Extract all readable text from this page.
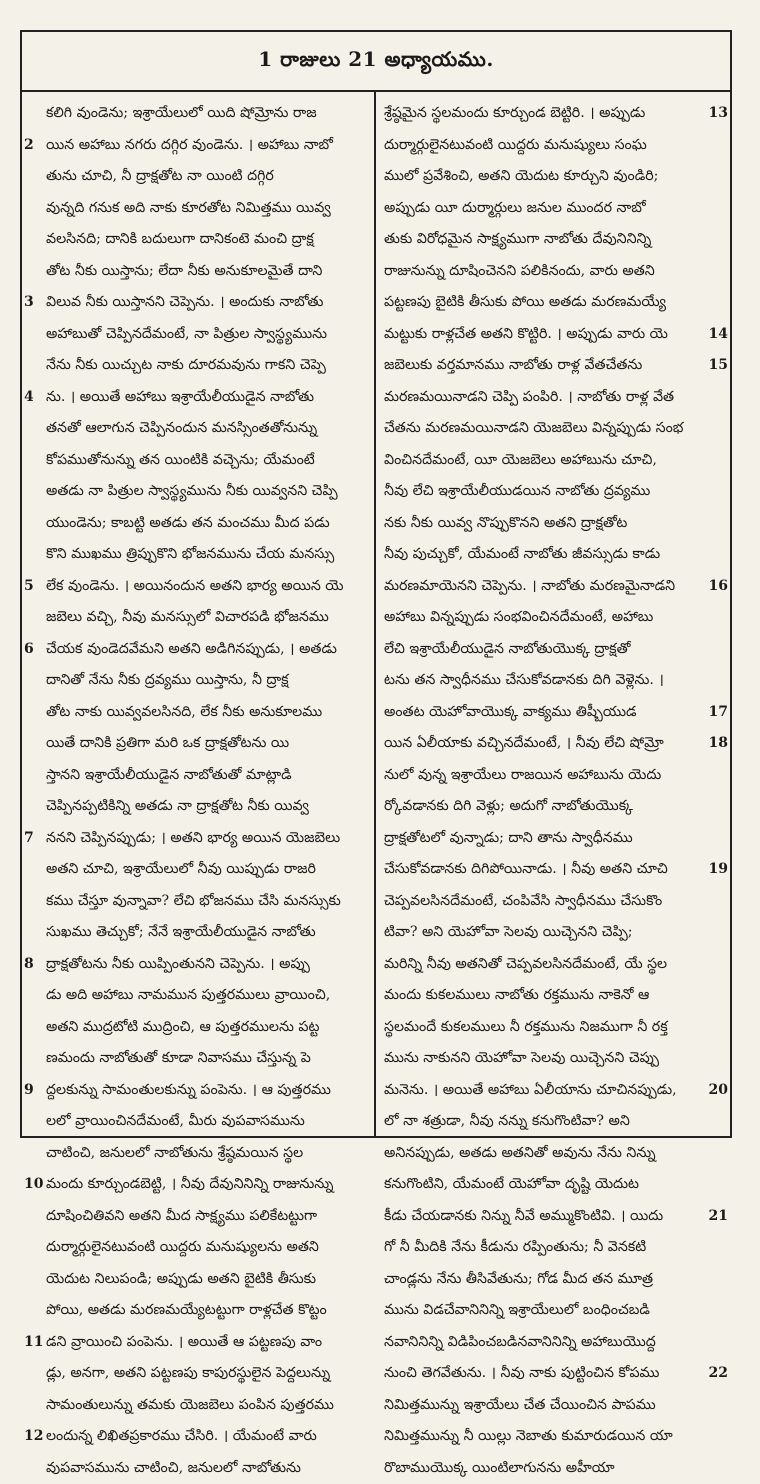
1 రాజులు 21 అధ్యాయము.
కలిగి వుండెను; ఇశ్రాయేలులో యిది షోమ్రోను రాజ
2 యిన అహాబు నగరు దగ్గిర వుండెను. । అహాబు నాబో
తును చూచి, నీ ద్రాక్షతోట నా యింటి దగ్గిర
వున్నది గనుక అది నాకు కూరతోట నిమిత్తము యివ్వ
వలసినది; దానికి బదులుగా దానికంటె మంచి ద్రాక్ష
తోట నీకు యిస్తాను; లేదా నీకు అనుకూలమైతే దాని
3 విలువ నీకు యిస్తానని చెప్పెను. । అందుకు నాబోతు
అహాబుతో చెప్పినదేమంటే, నా పిత్రుల స్వాస్థ్యమును
నేను నీకు యిచ్చుట నాకు దూరమవును గాకని చెప్పె
4 ను. । అయితే అహాబు ఇశ్రాయేలీయుడైన నాబోతు
తనతో ఆలాగున చెప్పినందున మనస్సింతతోనున్ను
కోపముతోనున్ను తన యింటికి వచ్చెను; యేమంటే
అతడు నా పిత్రుల స్వాస్థ్యమును నీకు యివ్వనని చెప్పి
యుండెను; కాబట్టి అతడు తన మంచము మీద పడు
కొని ముఖము త్రిప్పుకొని భోజనమును చేయ మనస్సు
5 లేక వుండెను. । అయినందున అతని భార్య అయిన యె
జబెలు వచ్చి, నీవు మనస్సులో విచారపడి భోజనము
6 చేయక వుండెదవేమని అతని అడిగినప్పుడు, । అతడు
దానితో నేను నీకు ద్రవ్యము యిస్తాను, నీ ద్రాక్ష
తోట నాకు యివ్వవలసినది, లేక నీకు అనుకూలము
యితే దానికి ప్రతిగా మరి ఒక ద్రాక్షతోటను యి
స్తానని ఇశ్రాయేలీయుడైన నాబోతుతో మాట్లాడి
చెప్పినప్పటికిన్ని అతడు నా ద్రాక్షతోట నీకు యివ్వ
7 ననని చెప్పినప్పుడు; । అతని భార్య అయిన యెజబెలు
అతని చూచి, ఇశ్రాయేలులో నీవు యిప్పుడు రాజరి
కము చేస్తూ వున్నావా? లేచి భోజనము చేసి మనస్సుకు
సుఖము తెచ్చుకో; నేనే ఇశ్రాయేలీయుడైన నాబోతు
8 ద్రాక్షతోటను నీకు యిప్పింతునని చెప్పెను. । అప్పు
డు అది అహాబు నామమున పుత్తరములు వ్రాయించి,
అతని ముద్రటోటి ముద్రించి, ఆ పుత్తరములను పట్ట
ణమందు నాబోతుతో కూడా నివాసము చేస్తున్న పె
9 ద్దలకున్ను సామంతులకున్ను పంపెను. । ఆ పుత్తరము
లలో వ్రాయించినదేమంటే, మీరు వుపవాసమును
చాటించి, జనులలో నాబోతును శ్రేష్ఠమయిన స్థల
10 మందు కూర్చుండబెట్టి, । నీవు దేవునినిన్ని రాజునున్ను
దూషించితివని అతని మీద సాక్ష్యము పలికేటట్టుగా
దుర్మార్గులైనటువంటి యిద్దరు మనుష్యులను అతని
యెదుట నిలుపండి; అప్పుడు అతని బైటికి తీసుకు
పోయి, అతడు మరణమయ్యేటట్టుగా రాళ్లచేత కొట్టం
11 డని వ్రాయించి పంపెను. । అయితే ఆ పట్టణపు వాం
డ్లు, అనగా, అతని పట్టణపు కాపురస్థులైన పెద్దలున్ను
సామంతులున్ను తమకు యెజబెలు పంపిన పుత్తరము
12 లందున్న లిఖితప్రకారము చేసిరి. । యేమంటే వారు
వుపవాసమును చాటించి, జనులలో నాబోతును
13
శ్రేష్ఠమైన స్థలమందు కూర్చుండ బెట్టిరి. । అప్పుడు
దుర్మార్గులైనటువంటి యిద్దరు మనుష్యులు సంఘ
ములో ప్రవేశించి, అతని యెదుట కూర్చుని వుండిరి;
అప్పుడు యీ దుర్మార్గులు జనుల ముందర నాబో
తుకు విరోధమైన సాక్ష్యముగా నాబోతు దేవునినిన్ని
రాజునున్ను దూషించెనని పలికినందు, వారు అతని
పట్టణపు బైటికి తీసుకు పోయి అతడు మరణమయ్యే
14
మట్టుకు రాళ్లచేత అతని కొట్టిరి. । అప్పుడు వారు యె
15
జబెలుకు వర్తమానము నాబోతు రాళ్ల వేతచేతను
మరణమయినాడని చెప్పి పంపిరి. । నాబోతు రాళ్ల వేత
చేతను మరణమయినాడని యెజబెలు విన్నప్పుడు సంభ
వించినదేమంటే, యీ యెజబెలు అహాబును చూచి,
నీవు లేచి ఇశ్రాయేలీయుడయిన నాబోతు ద్రవ్యము
నకు నీకు యివ్వ నొప్పుకొనని అతని ద్రాక్షతోట
నీవు పుచ్చుకో, యేమంటే నాబోతు జీవస్సుడు కాడు
16
మరణమాయెనని చెప్పెను. । నాబోతు మరణమైనాడని
అహాబు విన్నప్పుడు సంభవించినదేమంటే, అహాబు
లేచి ఇశ్రాయేలీయుడైన నాబోతుయొక్క ద్రాక్షతో
టను తన స్వాధీనము చేసుకోవడానకు దిగి వెళ్లెను. ।
17
అంతట యెహోవాయొక్క వాక్యము తిష్బీయుడ
18
యిన ఏలీయాకు వచ్చినదేమంటే, । నీవు లేచి షోమ్రో
నులో వున్న ఇశ్రాయేలు రాజయిన అహాబును యెదు
ర్కోవడానకు దిగి వెళ్లు; అదుగో నాబోతుయొక్క
ద్రాక్షతోటలో వున్నాడు; దాని తాను స్వాధీనము
19
చేసుకోవడానకు దిగిపోయినాడు. । నీవు అతని చూచి
చెప్పవలసినదేమంటే, చంపివేసి స్వాధీనము చేసుకొం
టివా? అని యెహోవా సెలవు యిచ్చెనని చెప్పి;
మరిన్ని నీవు అతనితో చెప్పవలసినదేమంటే, యే స్థల
మందు కుకలములు నాబోతు రక్తమును నాకెనో ఆ
స్థలమందే కుకలములు నీ రక్తమును నిజముగా నీ రక్త
మును నాకునని యెహోవా సెలవు యిచ్చెనని చెప్పు
20
మనెను. । అయితే అహాబు ఏలీయాను చూచినప్పుడు,
లో నా శత్రుడా, నీవు నన్ను కనుగొంటివా? అని
అనినప్పుడు, అతడు అతనితో అవును నేను నిన్ను
కనుగొంటిని, యేమంటే యెహోవా దృష్టి యెదుట
21
కీడు చేయడానకు నిన్ను నీవే అమ్ముకొంటివి. । యిదు
గో నీ మీదికి నేను కీడును రప్పింతును; నీ వెనకటి
చాండ్లను నేను తీసివేతును; గోడ మీద తన మూత్ర
మును విడచేవానినిన్ని ఇశ్రాయేలులో బంధించబడి
నవానినిన్ని విడిపించబడినవానినిన్ని అహాబుయొద్ద
22
నుంచి తెగవేతును. । నీవు నాకు పుట్టించిన కోపము
నిమిత్తమున్ను ఇశ్రాయేలు చేత చేయించిన పాపము
నిమిత్తమున్ను నీ యిల్లు నెబాతు కుమారుడయిన యా
రొబాముయొక్క యింటిలాగునను అహీయా
